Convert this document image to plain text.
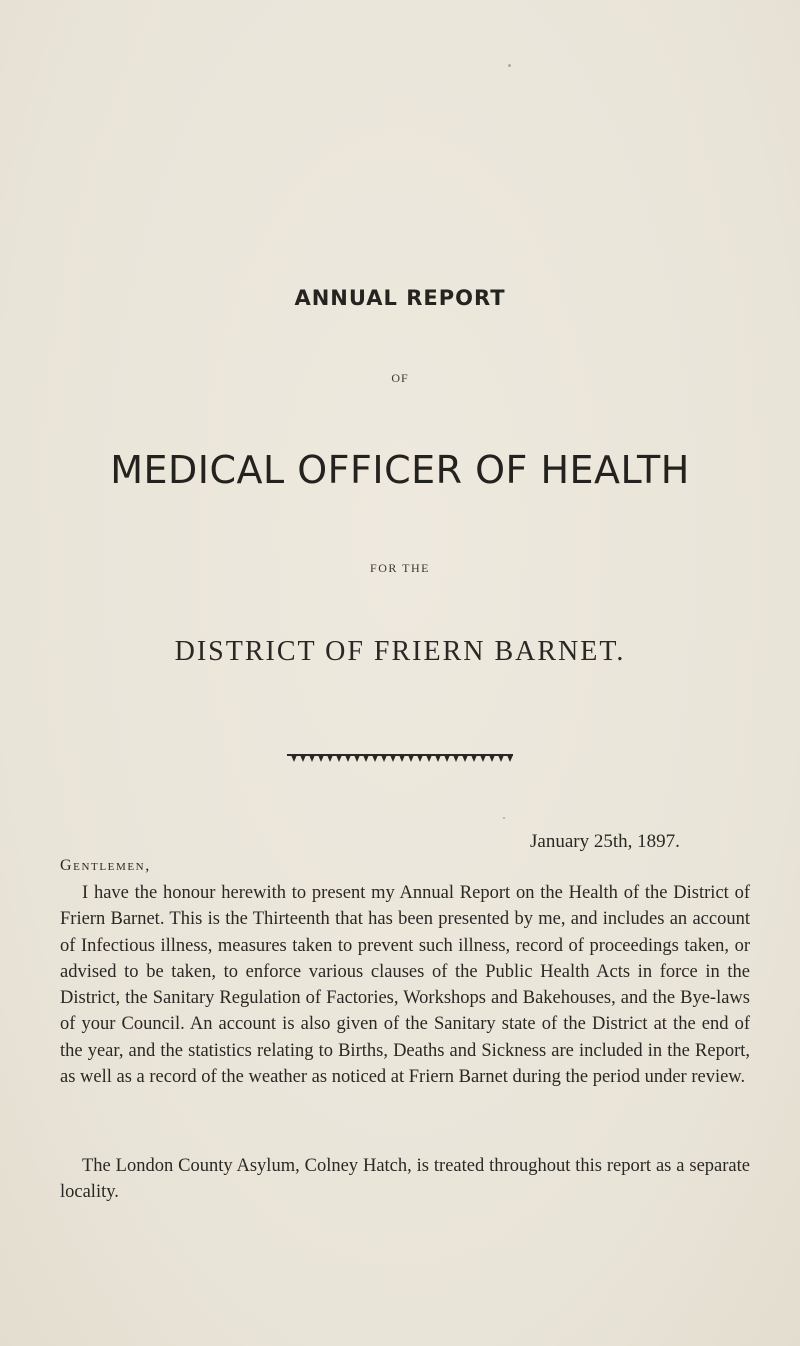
ANNUAL REPORT
OF
MEDICAL OFFICER OF HEALTH
FOR THE
DISTRICT OF FRIERN BARNET.
January 25th, 1897.
Gentlemen,
I have the honour herewith to present my Annual Report on the Health of the District of Friern Barnet. This is the Thirteenth that has been presented by me, and includes an account of Infectious illness, measures taken to prevent such illness, record of proceedings taken, or advised to be taken, to enforce various clauses of the Public Health Acts in force in the District, the Sanitary Regulation of Factories, Workshops and Bakehouses, and the Bye-laws of your Council. An account is also given of the Sanitary state of the District at the end of the year, and the statistics relating to Births, Deaths and Sickness are included in the Report, as well as a record of the weather as noticed at Friern Barnet during the period under review.
The London County Asylum, Colney Hatch, is treated throughout this report as a separate locality.
